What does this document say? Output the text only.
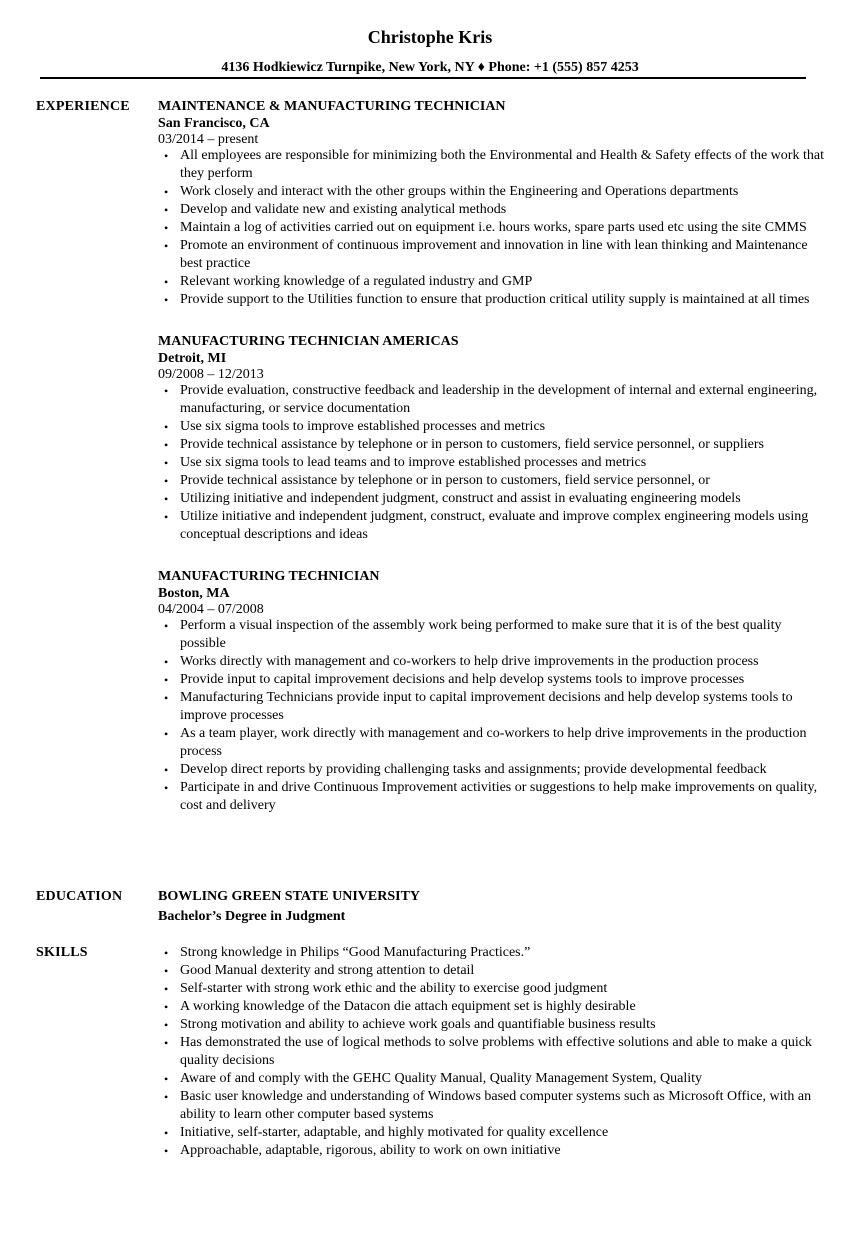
Christophe Kris
4136 Hodkiewicz Turnpike, New York, NY ♦ Phone: +1 (555) 857 4253
EXPERIENCE MAINTENANCE & MANUFACTURING TECHNICIAN
San Francisco, CA
03/2014 – present
• All employees are responsible for minimizing both the Environmental and Health & Safety effects of the work that they perform
• Work closely and interact with the other groups within the Engineering and Operations departments
• Develop and validate new and existing analytical methods
• Maintain a log of activities carried out on equipment i.e. hours works, spare parts used etc using the site CMMS
• Promote an environment of continuous improvement and innovation in line with lean thinking and Maintenance best practice
• Relevant working knowledge of a regulated industry and GMP
• Provide support to the Utilities function to ensure that production critical utility supply is maintained at all times
MANUFACTURING TECHNICIAN AMERICAS
Detroit, MI
09/2008 – 12/2013
• Provide evaluation, constructive feedback and leadership in the development of internal and external engineering, manufacturing, or service documentation
• Use six sigma tools to improve established processes and metrics
• Provide technical assistance by telephone or in person to customers, field service personnel, or suppliers
• Use six sigma tools to lead teams and to improve established processes and metrics
• Provide technical assistance by telephone or in person to customers, field service personnel, or
• Utilizing initiative and independent judgment, construct and assist in evaluating engineering models
• Utilize initiative and independent judgment, construct, evaluate and improve complex engineering models using conceptual descriptions and ideas
MANUFACTURING TECHNICIAN
Boston, MA
04/2004 – 07/2008
• Perform a visual inspection of the assembly work being performed to make sure that it is of the best quality possible
• Works directly with management and co-workers to help drive improvements in the production process
• Provide input to capital improvement decisions and help develop systems tools to improve processes
• Manufacturing Technicians provide input to capital improvement decisions and help develop systems tools to improve processes
• As a team player, work directly with management and co-workers to help drive improvements in the production process
• Develop direct reports by providing challenging tasks and assignments; provide developmental feedback
• Participate in and drive Continuous Improvement activities or suggestions to help make improvements on quality, cost and delivery
EDUCATION	BOWLING GREEN STATE UNIVERSITY
Bachelor’s Degree in Judgment
SKILLS	• Strong knowledge in Philips “Good Manufacturing Practices.”
• Good Manual dexterity and strong attention to detail
• Self-starter with strong work ethic and the ability to exercise good judgment
• A working knowledge of the Datacon die attach equipment set is highly desirable
• Strong motivation and ability to achieve work goals and quantifiable business results
• Has demonstrated the use of logical methods to solve problems with effective solutions and able to make a quick quality decisions
• Aware of and comply with the GEHC Quality Manual, Quality Management System, Quality
• Basic user knowledge and understanding of Windows based computer systems such as Microsoft Office, with an ability to learn other computer based systems
• Initiative, self-starter, adaptable, and highly motivated for quality excellence
• Approachable, adaptable, rigorous, ability to work on own initiative
